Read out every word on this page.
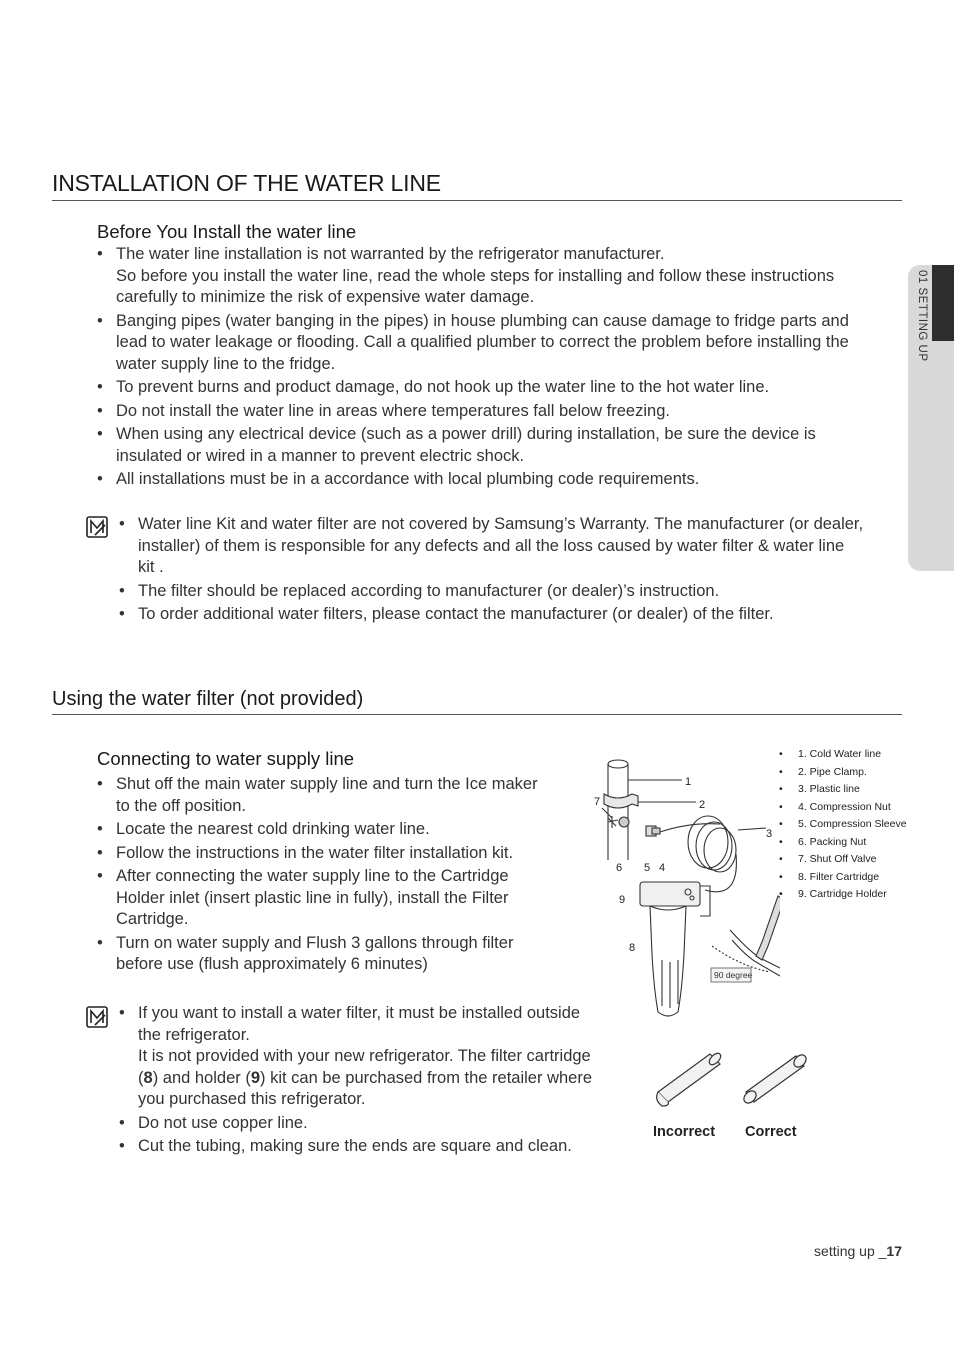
INSTALLATION OF THE WATER LINE
01 SETTING UP
Before You Install the water line
• The water line installation is not warranted by the refrigerator manufacturer.
So before you install the water line, read the whole steps for installing and follow these instructions
carefully to minimize the risk of expensive water damage.
• Banging pipes (water banging in the pipes) in house plumbing can cause damage to fridge parts and
lead to water leakage or flooding. Call a qualified plumber to correct the problem before installing the
water supply line to the fridge.
• To prevent burns and product damage, do not hook up the water line to the hot water line.
• Do not install the water line in areas where temperatures fall below freezing.
• When using any electrical device (such as a power drill) during installation, be sure the device is
insulated or wired in a manner to prevent electric shock.
• All installations must be in a accordance with local plumbing code requirements.
• Water line Kit and water filter are not covered by Samsung’s Warranty. The manufacturer (or dealer,
installer) of them is responsible for any defects and all the loss caused by water filter & water line
kit .
• The filter should be replaced according to manufacturer (or dealer)’s instruction.
• To order additional water filters, please contact the manufacturer (or dealer) of the filter.
Using the water filter (not provided)
Connecting to water supply line
• Shut off the main water supply line and turn the Ice maker
to the off position.
• Locate the nearest cold drinking water line.
• Follow the instructions in the water filter installation kit.
• After connecting the water supply line to the Cartridge
Holder inlet (insert plastic line in fully), install the Filter
Cartridge.
• Turn on water supply and Flush 3 gallons through filter
before use (flush approximately 6 minutes)
• If you want to install a water filter, it must be installed outside
the refrigerator.
It is not provided with your new refrigerator. The filter cartridge
(8) and holder (9) kit can be purchased from the retailer where
you purchased this refrigerator.
• Do not use copper line.
• Cut the tubing, making sure the ends are square and clean.
• 1. Cold Water line
• 2. Pipe Clamp.
• 3. Plastic line
• 4. Compression Nut
• 5. Compression Sleeve
• 6. Packing Nut
• 7. Shut Off Valve
• 8. Filter Cartridge
• 9. Cartridge Holder
90 degree
1
2
3
4
5
6
7
8
9
Incorrect Correct
setting up _17
